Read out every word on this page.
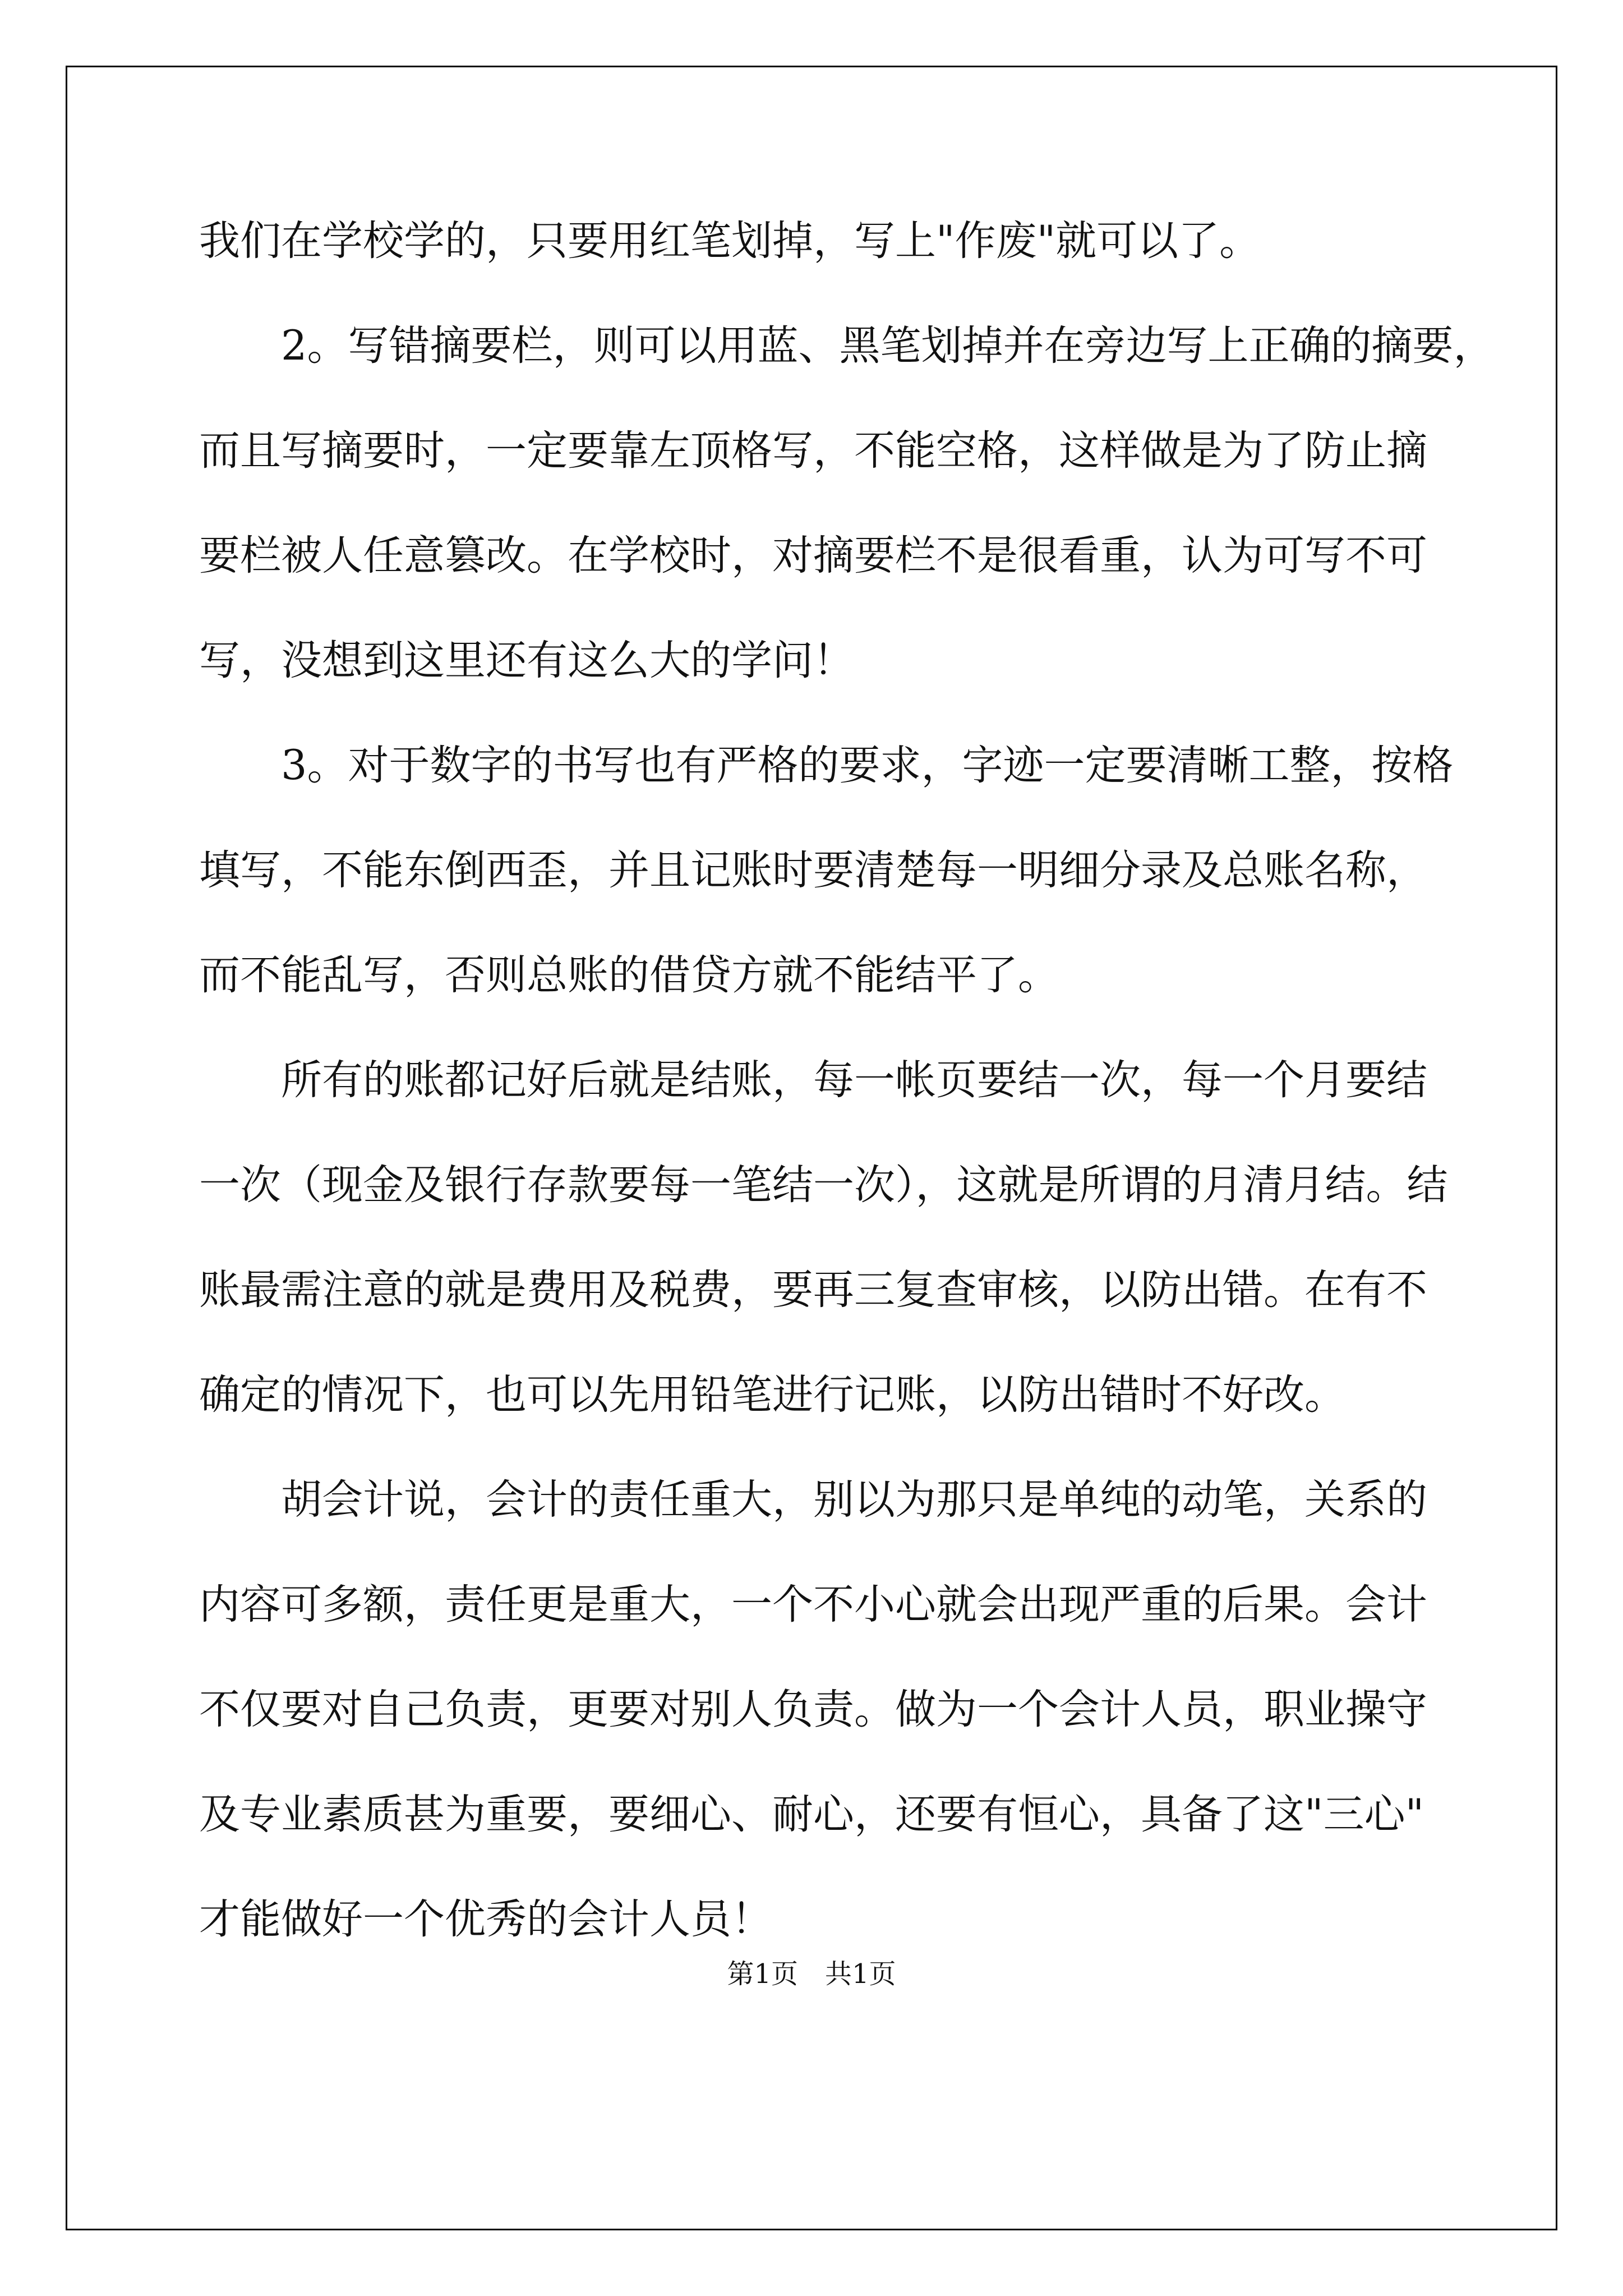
我们在学校学的，只要用红笔划掉，写上"作废"就可以了。
　　2。写错摘要栏，则可以用蓝、黑笔划掉并在旁边写上正确的摘要，
而且写摘要时，一定要靠左顶格写，不能空格，这样做是为了防止摘
要栏被人任意篡改。在学校时，对摘要栏不是很看重，认为可写不可
写，没想到这里还有这么大的学问！
　　3。对于数字的书写也有严格的要求，字迹一定要清晰工整，按格
填写，不能东倒西歪，并且记账时要清楚每一明细分录及总账名称，
而不能乱写，否则总账的借贷方就不能结平了。
　　所有的账都记好后就是结账，每一帐页要结一次，每一个月要结
一次（现金及银行存款要每一笔结一次），这就是所谓的月清月结。结
账最需注意的就是费用及税费，要再三复查审核，以防出错。在有不
确定的情况下，也可以先用铅笔进行记账，以防出错时不好改。
　　胡会计说，会计的责任重大，别以为那只是单纯的动笔，关系的
内容可多额，责任更是重大，一个不小心就会出现严重的后果。会计
不仅要对自己负责，更要对别人负责。做为一个会计人员，职业操守
及专业素质甚为重要，要细心、耐心，还要有恒心，具备了这"三心"
才能做好一个优秀的会计人员！
第1页　共1页
